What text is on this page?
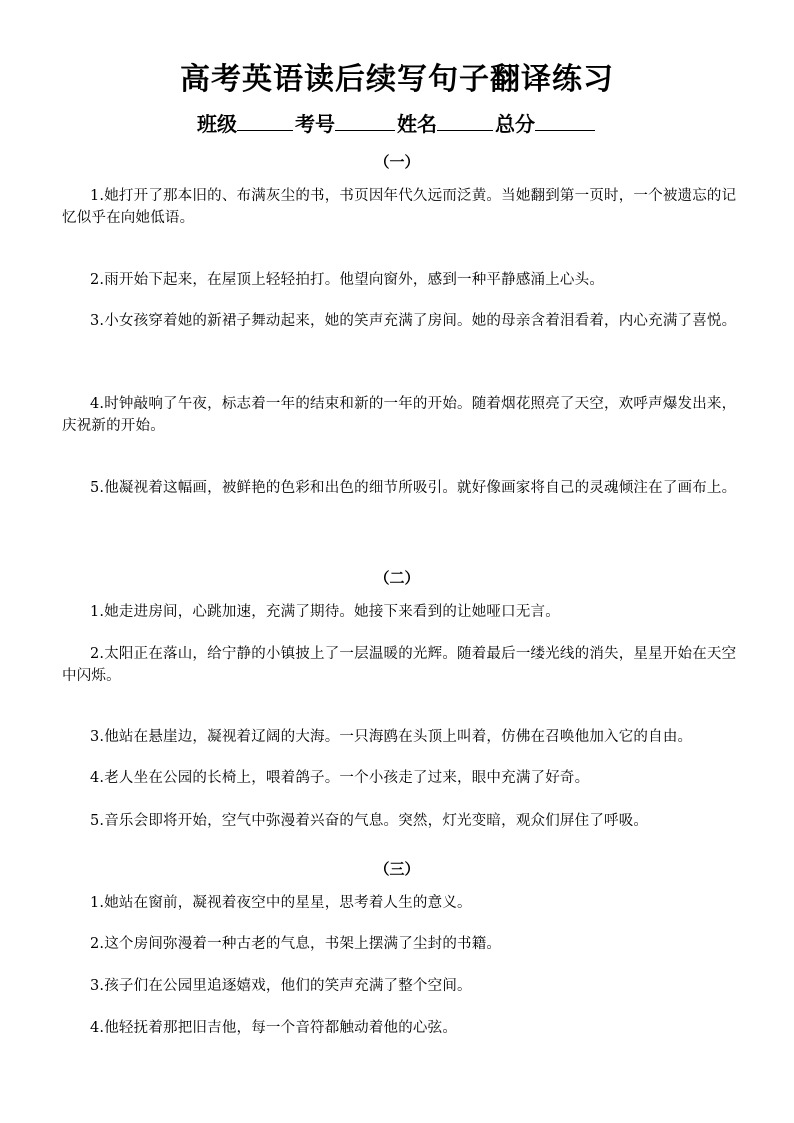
高考英语读后续写句子翻译练习
班级	考号	姓名	总分
（一）
1.她打开了那本旧的、布满灰尘的书，书页因年代久远而泛黄。当她翻到第一页时，一个被遗忘的记忆似乎在向她低语。
2.雨开始下起来，在屋顶上轻轻拍打。他望向窗外，感到一种平静感涌上心头。
3.小女孩穿着她的新裙子舞动起来，她的笑声充满了房间。她的母亲含着泪看着，内心充满了喜悦。
4.时钟敲响了午夜，标志着一年的结束和新的一年的开始。随着烟花照亮了天空，欢呼声爆发出来，庆祝新的开始。
5.他凝视着这幅画，被鲜艳的色彩和出色的细节所吸引。就好像画家将自己的灵魂倾注在了画布上。
（二）
1.她走进房间，心跳加速，充满了期待。她接下来看到的让她哑口无言。
2.太阳正在落山，给宁静的小镇披上了一层温暖的光辉。随着最后一缕光线的消失，星星开始在天空中闪烁。
3.他站在悬崖边，凝视着辽阔的大海。一只海鸥在头顶上叫着，仿佛在召唤他加入它的自由。
4.老人坐在公园的长椅上，喂着鸽子。一个小孩走了过来，眼中充满了好奇。
5.音乐会即将开始，空气中弥漫着兴奋的气息。突然，灯光变暗，观众们屏住了呼吸。
（三）
1.她站在窗前，凝视着夜空中的星星，思考着人生的意义。
2.这个房间弥漫着一种古老的气息，书架上摆满了尘封的书籍。
3.孩子们在公园里追逐嬉戏，他们的笑声充满了整个空间。
4.他轻抚着那把旧吉他，每一个音符都触动着他的心弦。
